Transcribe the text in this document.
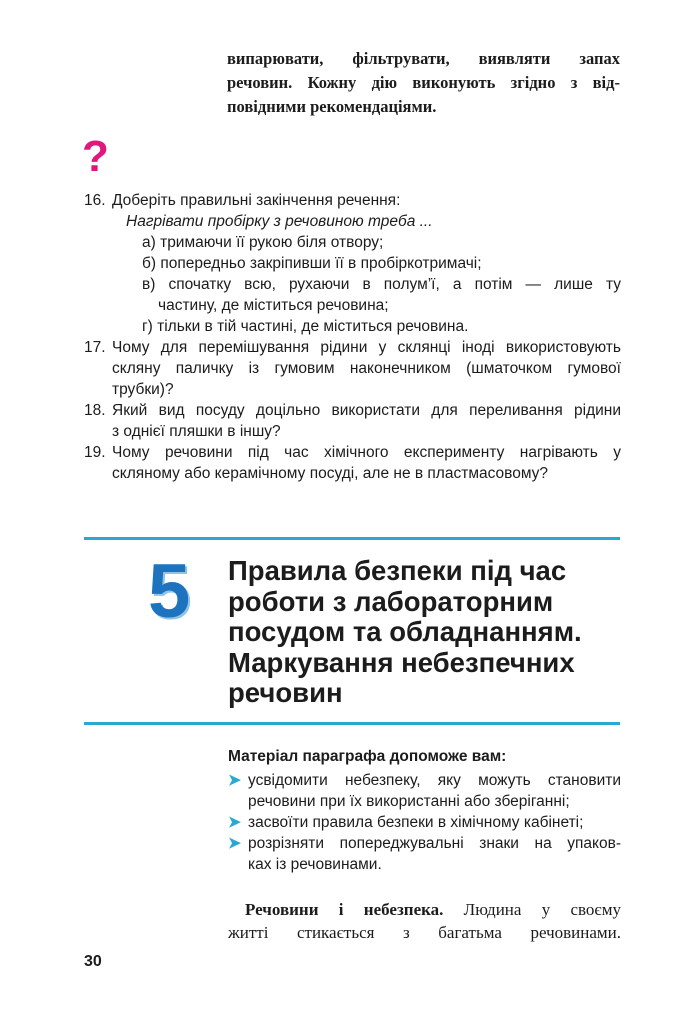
випарювати, фільтрувати, виявляти запах
речовин. Кожну дію виконують згідно з від-
повідними рекомендаціями.
?
16. Доберіть правильні закінчення речення:
Нагрівати пробірку з речовиною треба ...
а) тримаючи її рукою біля отвору;
б) попередньо закріпивши її в пробіркотримачі;
в) спочатку всю, рухаючи в полум’ї, а потім — лише ту
частину, де міститься речовина;
г) тільки в тій частині, де міститься речовина.
17. Чому для перемішування рідини у склянці іноді використовують
скляну паличку із гумовим наконечником (шматочком гумової
трубки)?
18. Який вид посуду доцільно використати для переливання рідини
з однієї пляшки в іншу?
19. Чому речовини під час хімічного експерименту нагрівають у
скляному або керамічному посуді, але не в пластмасовому?
5	Правила безпеки під час
роботи з лабораторним
посудом та обладнанням.
Маркування небезпечних
речовин
Матеріал параграфа допоможе вам:
➤ усвідомити небезпеку, яку можуть становити
речовини при їх використанні або зберіганні;
➤ засвоїти правила безпеки в хімічному кабінеті;
➤ розрізняти попереджувальні знаки на упаков-
ках із речовинами.
Речовини і небезпека. Людина у своєму
житті стикається з багатьма речовинами.
30
